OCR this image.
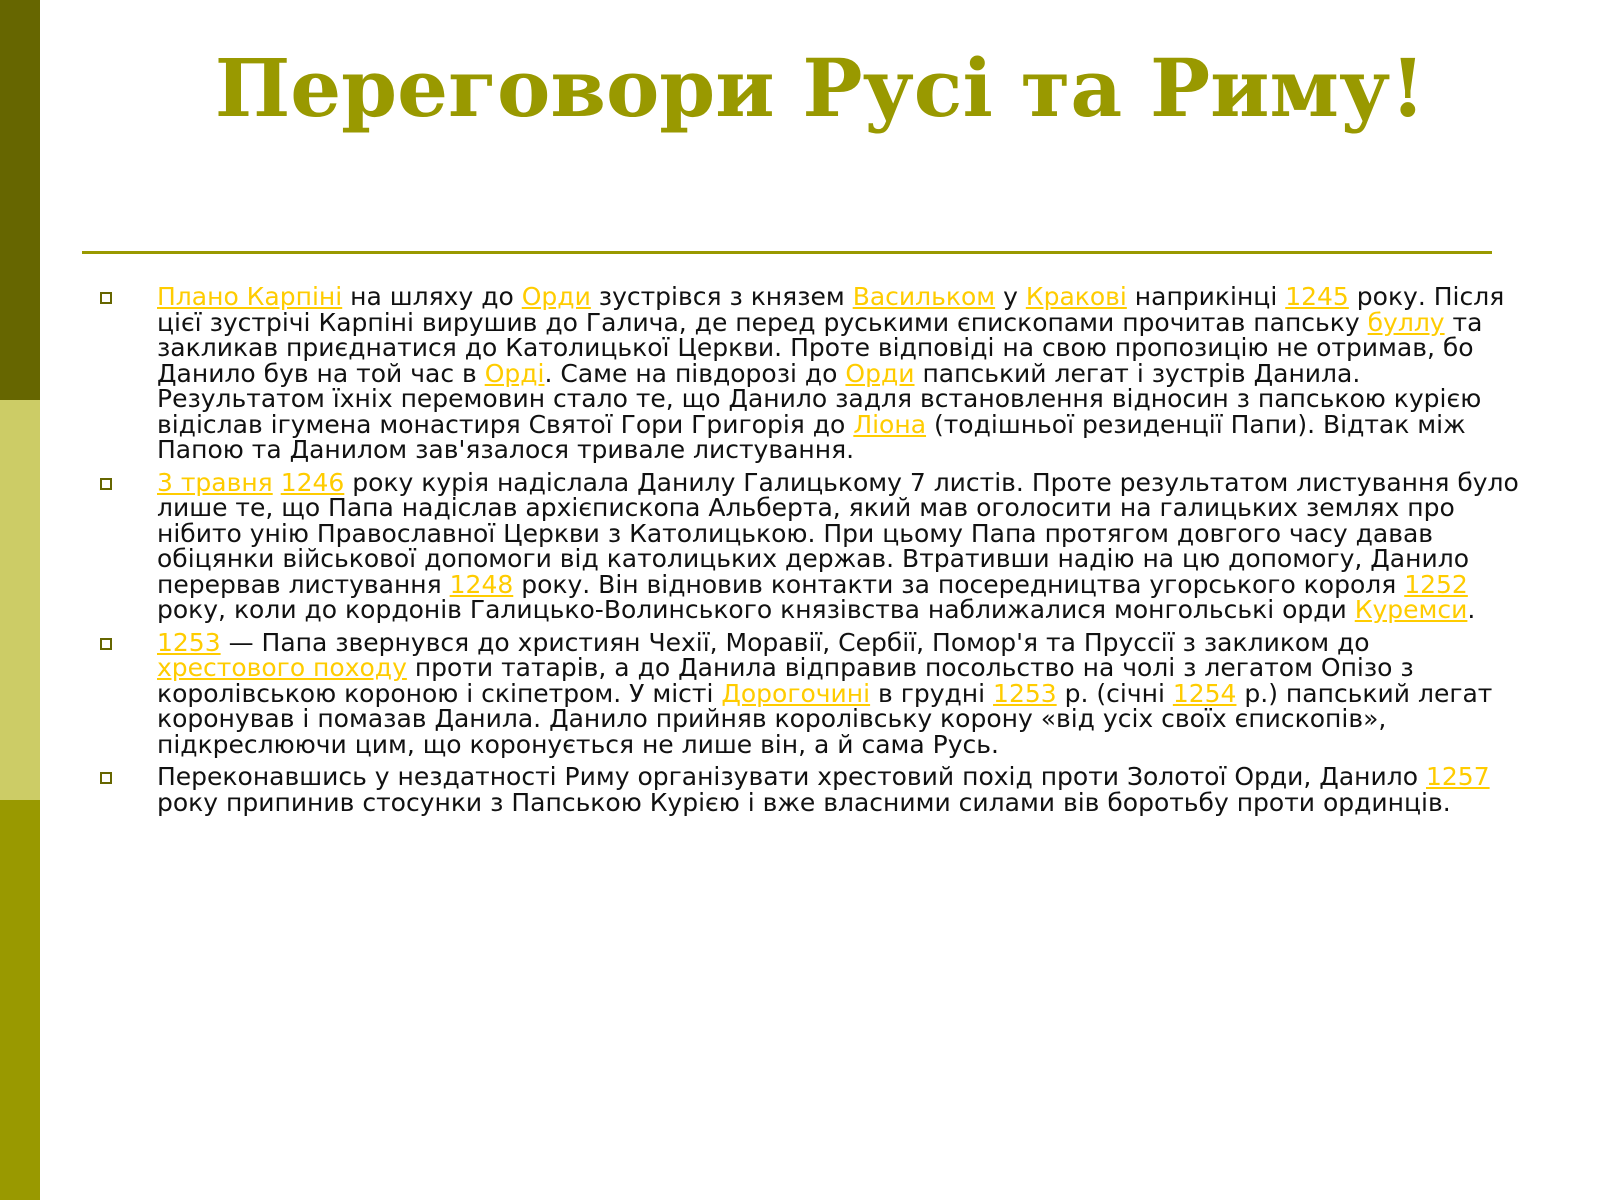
Переговори Русі та Риму!
Плано Карпіні на шляху до Орди зустрівся з князем Васильком у Кракові наприкінці 1245 року. Після цієї зустрічі Карпіні вирушив до Галича, де перед руськими єпископами прочитав папську буллу та закликав приєднатися до Католицької Церкви. Проте відповіді на свою пропозицію не отримав, бо Данило був на той час в Орді. Саме на півдорозі до Орди папський легат і зустрів Данила. Результатом їхніх перемовин стало те, що Данило задля встановлення відносин з папською курією відіслав ігумена монастиря Святої Гори Григорія до Ліона (тодішньої резиденції Папи). Відтак між Папою та Данилом зав'язалося тривале листування.
3 травня 1246 року курія надіслала Данилу Галицькому 7 листів. Проте результатом листування було лише те, що Папа надіслав архієпископа Альберта, який мав оголосити на галицьких землях про нібито унію Православної Церкви з Католицькою. При цьому Папа протягом довгого часу давав обіцянки військової допомоги від католицьких держав. Втративши надію на цю допомогу, Данило перервав листування 1248 року. Він відновив контакти за посередництва угорського короля 1252 року, коли до кордонів Галицько-Волинського князівства наближалися монгольські орди Куремси.
1253 — Папа звернувся до християн Чехії, Моравії, Сербії, Помор'я та Пруссії з закликом до хрестового походу проти татарів, а до Данила відправив посольство на чолі з легатом Опізо з королівською короною і скіпетром. У місті Дорогочині в грудні 1253 р. (січні 1254 р.) папський легат коронував і помазав Данила. Данило прийняв королівську корону «від усіх своїх єпископів», підкреслюючи цим, що коронується не лише він, а й сама Русь.
Переконавшись у нездатності Риму організувати хрестовий похід проти Золотої Орди, Данило 1257 року припинив стосунки з Папською Курією і вже власними силами вів боротьбу проти ординців.
